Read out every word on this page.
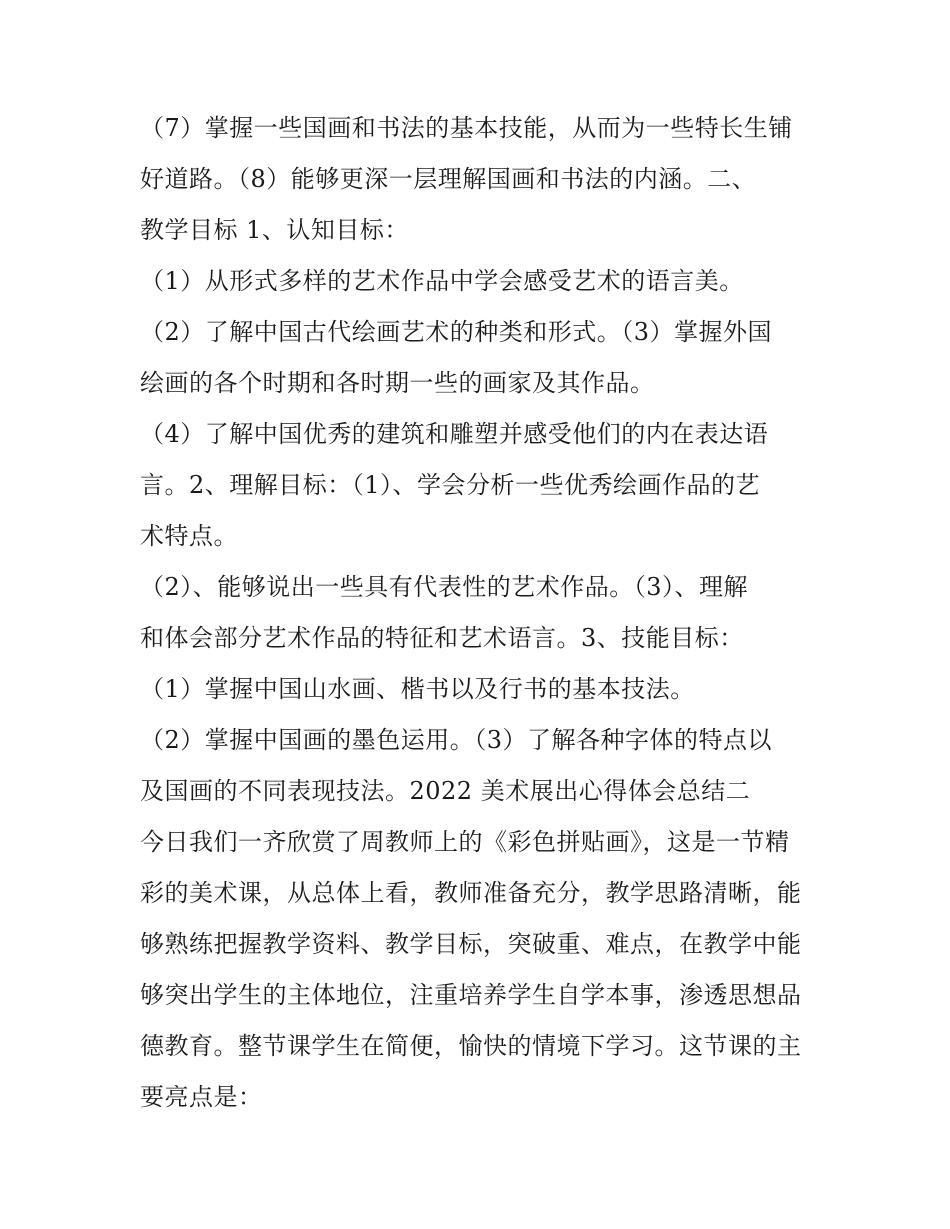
（7）掌握一些国画和书法的基本技能，从而为一些特长生铺
好道路。（8）能够更深一层理解国画和书法的内涵。二、
教学目标 1、认知目标：
（1）从形式多样的艺术作品中学会感受艺术的语言美。
（2）了解中国古代绘画艺术的种类和形式。（3）掌握外国
绘画的各个时期和各时期一些的画家及其作品。
（4）了解中国优秀的建筑和雕塑并感受他们的内在表达语
言。2、理解目标：（1）、学会分析一些优秀绘画作品的艺
术特点。
（2）、能够说出一些具有代表性的艺术作品。（3）、理解
和体会部分艺术作品的特征和艺术语言。3、技能目标：
（1）掌握中国山水画、楷书以及行书的基本技法。
（2）掌握中国画的墨色运用。（3）了解各种字体的特点以
及国画的不同表现技法。2022 美术展出心得体会总结二
今日我们一齐欣赏了周教师上的《彩色拼贴画》，这是一节精
彩的美术课，从总体上看，教师准备充分，教学思路清晰，能
够熟练把握教学资料、教学目标，突破重、难点，在教学中能
够突出学生的主体地位，注重培养学生自学本事，渗透思想品
德教育。整节课学生在简便，愉快的情境下学习。这节课的主
要亮点是：
